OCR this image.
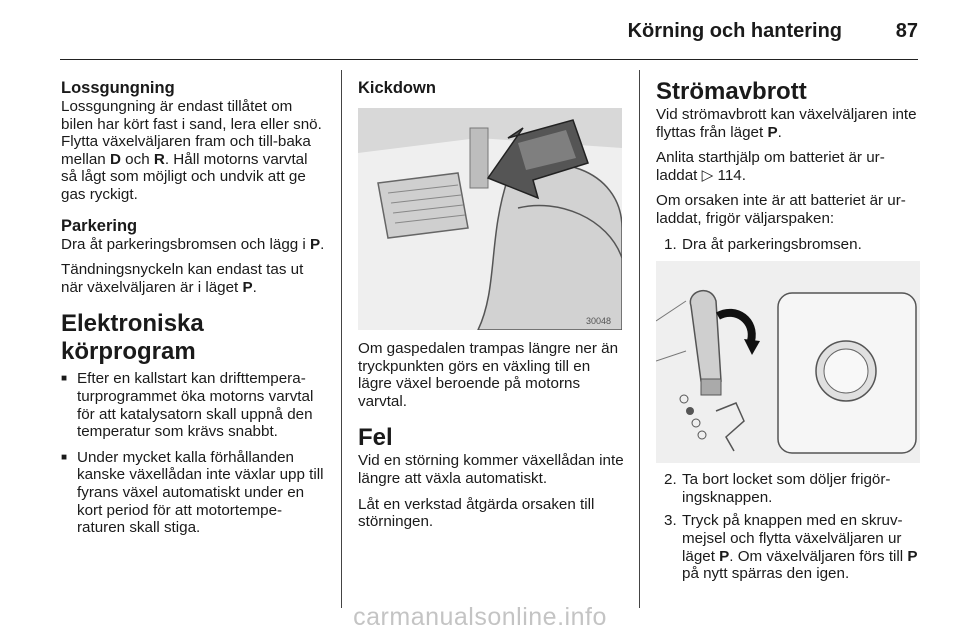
Körning och hantering	87
Lossgungning

Lossgungning är endast tillåtet om bilen har kört fast i sand, lera eller snö. Flytta växelväljaren fram och till-baka mellan D och R. Håll motorns varvtal så lågt som möjligt och undvik att ge gas ryckigt.

Parkering

Dra åt parkeringsbromsen och lägg i P.

Tändningsnyckeln kan endast tas ut när växelväljaren är i läget P.

Elektroniska körprogram
■ Efter en kallstart kan drifttempera-turprogrammet öka motorns varvtal för att katalysatorn skall uppnå den temperatur som krävs snabbt.
■ Under mycket kalla förhållanden kanske växellådan inte växlar upp till fyrans växel automatiskt under en kort period för att motortempe-raturen skall stiga.
Kickdown
30048

Om gaspedalen trampas längre ner än tryckpunkten görs en växling till en lägre växel beroende på motorns varvtal.

Fel

Vid en störning kommer växellådan inte längre att växla automatiskt.

Låt en verkstad åtgärda orsaken till störningen.

Strömavbrott

Vid strömavbrott kan växelväljaren inte flyttas från läget P.

Anlita starthjälp om batteriet är ur-laddat ▷ 114.

Om orsaken inte är att batteriet är ur-laddat, frigör väljarspaken:

1. Dra åt parkeringsbromsen.
2. Ta bort locket som döljer frigör-ingsknappen.
3. Tryck på knappen med en skruv-mejsel och flytta växelväljaren ur läget P. Om växelväljaren förs till P på nytt spärras den igen.
carmanualsonline.info
